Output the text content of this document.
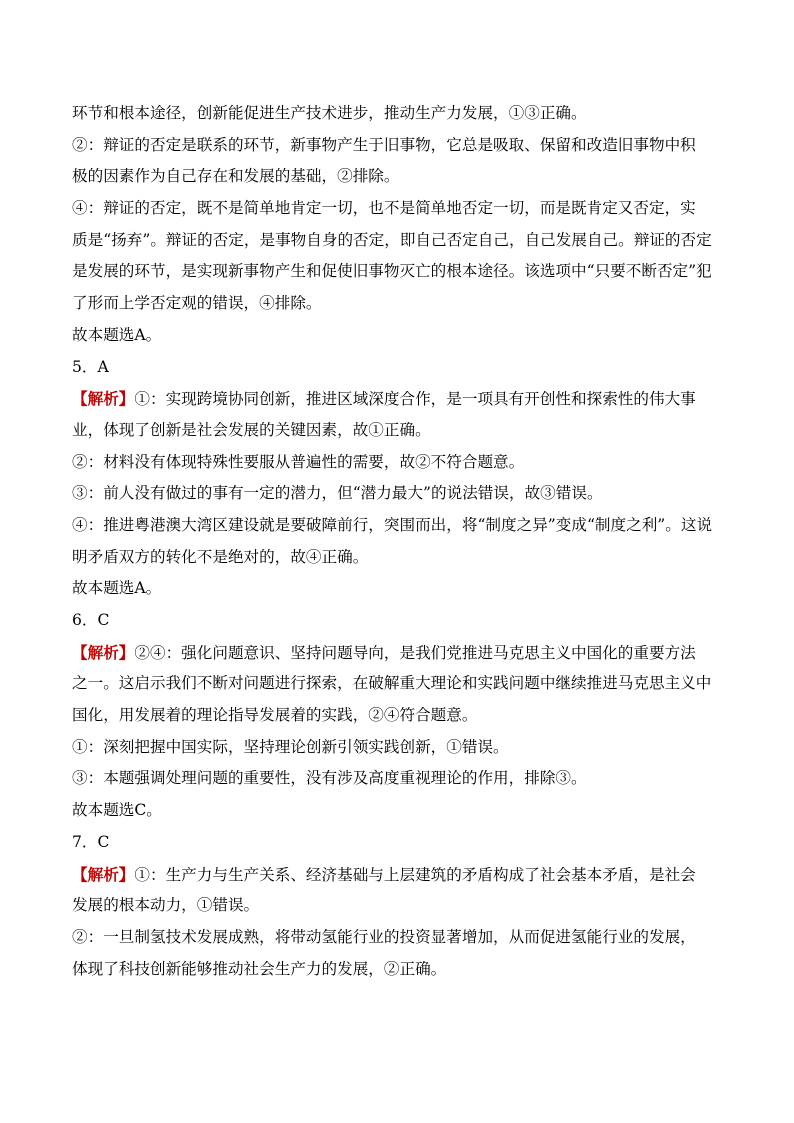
环节和根本途径，创新能促进生产技术进步，推动生产力发展，①③正确。
②：辩证的否定是联系的环节，新事物产生于旧事物，它总是吸取、保留和改造旧事物中积
极的因素作为自己存在和发展的基础，②排除。
④：辩证的否定，既不是简单地肯定一切，也不是简单地否定一切，而是既肯定又否定，实
质是“扬弃”。辩证的否定，是事物自身的否定，即自己否定自己，自己发展自己。辩证的否定
是发展的环节，是实现新事物产生和促使旧事物灭亡的根本途径。该选项中“只要不断否定”犯
了形而上学否定观的错误，④排除。
故本题选A。
5．A
【解析】①：实现跨境协同创新，推进区域深度合作，是一项具有开创性和探索性的伟大事
业，体现了创新是社会发展的关键因素，故①正确。
②：材料没有体现特殊性要服从普遍性的需要，故②不符合题意。
③：前人没有做过的事有一定的潜力，但“潜力最大”的说法错误，故③错误。
④：推进粤港澳大湾区建设就是要破障前行，突围而出，将“制度之异”变成“制度之利”。这说
明矛盾双方的转化不是绝对的，故④正确。
故本题选A。
6．C
【解析】②④：强化问题意识、坚持问题导向，是我们党推进马克思主义中国化的重要方法
之一。这启示我们不断对问题进行探索，在破解重大理论和实践问题中继续推进马克思主义中
国化，用发展着的理论指导发展着的实践，②④符合题意。
①：深刻把握中国实际，坚持理论创新引领实践创新，①错误。
③：本题强调处理问题的重要性，没有涉及高度重视理论的作用，排除③。
故本题选C。
7．C
【解析】①：生产力与生产关系、经济基础与上层建筑的矛盾构成了社会基本矛盾，是社会
发展的根本动力，①错误。
②：一旦制氢技术发展成熟，将带动氢能行业的投资显著增加，从而促进氢能行业的发展，
体现了科技创新能够推动社会生产力的发展，②正确。
